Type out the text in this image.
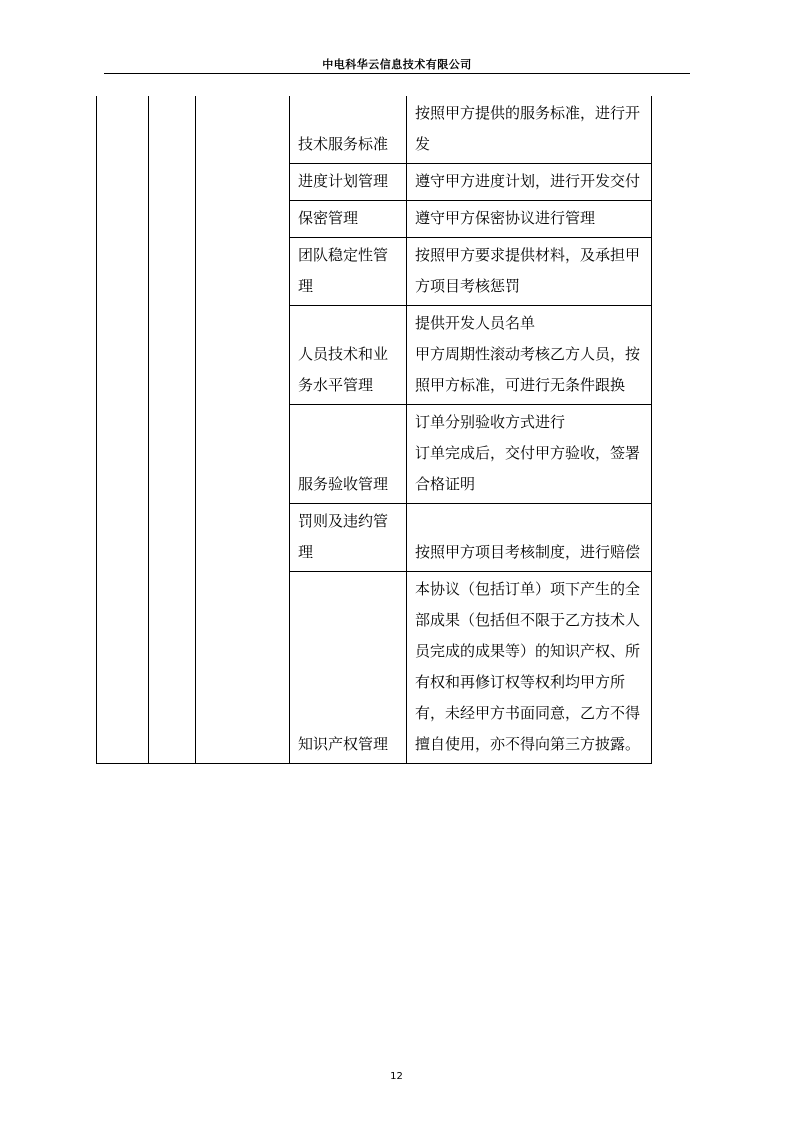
中电科华云信息技术有限公司

			技术服务标准	按照甲方提供的服务标准，进行开发

			进度计划管理	遵守甲方进度计划，进行开发交付

			保密管理	遵守甲方保密协议进行管理

			团队稳定性管理	按照甲方要求提供材料，及承担甲方项目考核惩罚

			人员技术和业务水平管理	提供开发人员名单
甲方周期性滚动考核乙方人员，按照甲方标准，可进行无条件跟换

			服务验收管理	订单分别验收方式进行
订单完成后，交付甲方验收，签署合格证明

			罚则及违约管理	按照甲方项目考核制度，进行赔偿

			知识产权管理	本协议（包括订单）项下产生的全部成果（包括但不限于乙方技术人员完成的成果等）的知识产权、所有权和再修订权等权利均甲方所有，未经甲方书面同意，乙方不得擅自使用，亦不得向第三方披露。
12
